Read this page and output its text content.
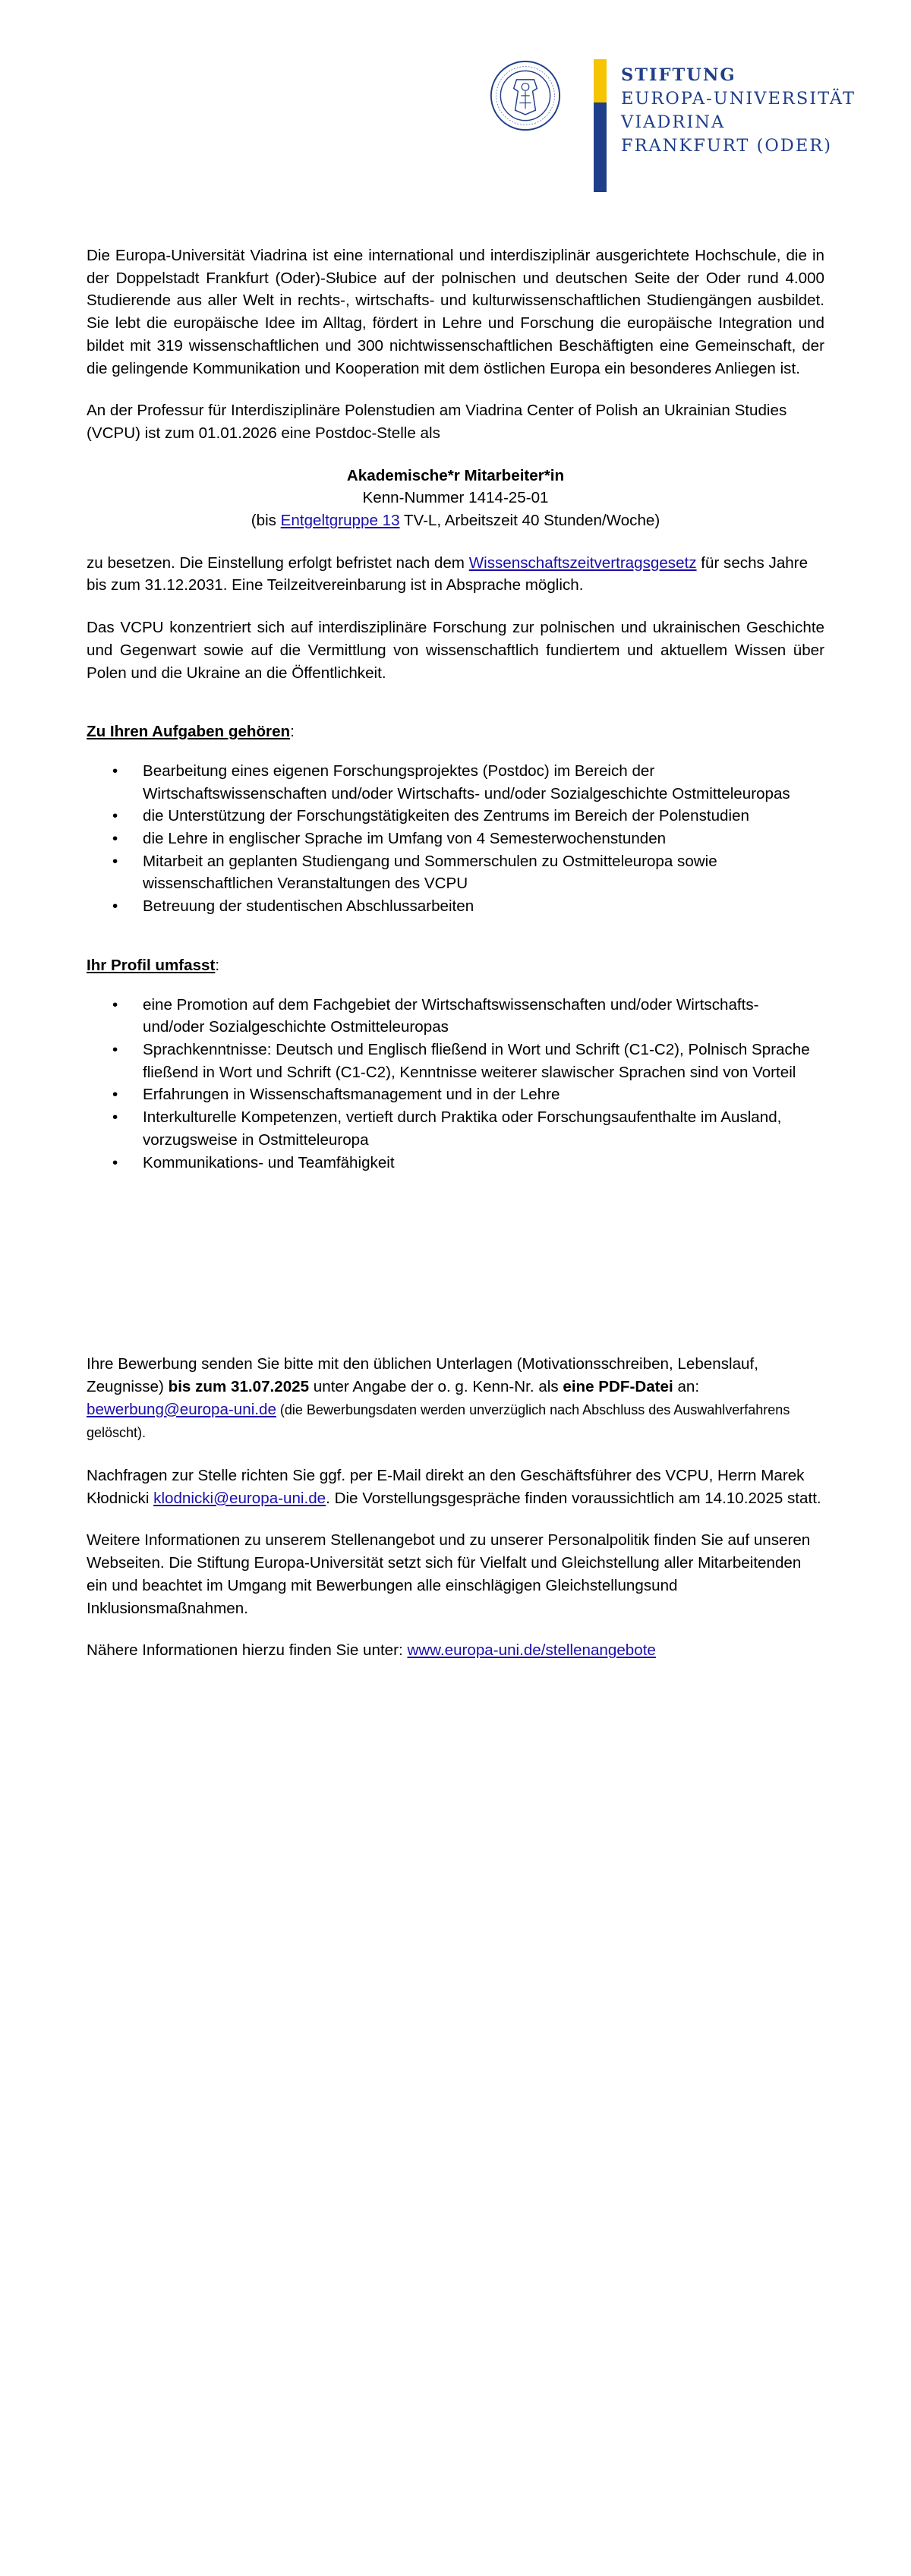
STIFTUNG
EUROPA-UNIVERSITÄT
VIADRINA
FRANKFURT (ODER)

Die Europa-Universität Viadrina ist eine international und interdisziplinär ausgerichtete Hochschule, die in der Doppelstadt Frankfurt (Oder)-Słubice auf der polnischen und deutschen Seite der Oder rund 4.000 Studierende aus aller Welt in rechts-, wirtschafts- und kulturwissenschaftlichen Studiengängen ausbildet. Sie lebt die europäische Idee im Alltag, fördert in Lehre und Forschung die europäische Integration und bildet mit 319 wissenschaftlichen und 300 nichtwissenschaftlichen Beschäftigten eine Gemeinschaft, der die gelingende Kommunikation und Kooperation mit dem östlichen Europa ein besonderes Anliegen ist.

An der Professur für Interdisziplinäre Polenstudien am Viadrina Center of Polish an Ukrainian Studies (VCPU) ist zum 01.01.2026 eine Postdoc-Stelle als

Akademische*r Mitarbeiter*in
Kenn-Nummer 1414-25-01
(bis Entgeltgruppe 13 TV-L, Arbeitszeit 40 Stunden/Woche)

zu besetzen. Die Einstellung erfolgt befristet nach dem Wissenschaftszeitvertragsgesetz für sechs Jahre bis zum 31.12.2031. Eine Teilzeitvereinbarung ist in Absprache möglich.

Das VCPU konzentriert sich auf interdisziplinäre Forschung zur polnischen und ukrainischen Geschichte und Gegenwart sowie auf die Vermittlung von wissenschaftlich fundiertem und aktuellem Wissen über Polen und die Ukraine an die Öffentlichkeit.

Zu Ihren Aufgaben gehören:
• Bearbeitung eines eigenen Forschungsprojektes (Postdoc) im Bereich der Wirtschaftswissenschaften und/oder Wirtschafts- und/oder Sozialgeschichte Ostmitteleuropas
• die Unterstützung der Forschungstätigkeiten des Zentrums im Bereich der Polenstudien
• die Lehre in englischer Sprache im Umfang von 4 Semesterwochenstunden
• Mitarbeit an geplanten Studiengang und Sommerschulen zu Ostmitteleuropa sowie wissenschaftlichen Veranstaltungen des VCPU
• Betreuung der studentischen Abschlussarbeiten
Ihr Profil umfasst:
• eine Promotion auf dem Fachgebiet der Wirtschaftswissenschaften und/oder Wirtschafts- und/oder Sozialgeschichte Ostmitteleuropas
• Sprachkenntnisse: Deutsch und Englisch fließend in Wort und Schrift (C1-C2), Polnisch Sprache fließend in Wort und Schrift (C1-C2), Kenntnisse weiterer slawischer Sprachen sind von Vorteil
• Erfahrungen in Wissenschaftsmanagement und in der Lehre
• Interkulturelle Kompetenzen, vertieft durch Praktika oder Forschungsaufenthalte im Ausland, vorzugsweise in Ostmitteleuropa
• Kommunikations- und Teamfähigkeit

Ihre Bewerbung senden Sie bitte mit den üblichen Unterlagen (Motivationsschreiben, Lebenslauf, Zeugnisse) bis zum 31.07.2025 unter Angabe der o. g. Kenn-Nr. als eine PDF-Datei an: bewerbung@europa-uni.de (die Bewerbungsdaten werden unverzüglich nach Abschluss des Auswahlverfahrens gelöscht).

Nachfragen zur Stelle richten Sie ggf. per E-Mail direkt an den Geschäftsführer des VCPU, Herrn Marek Kłodnicki klodnicki@europa-uni.de. Die Vorstellungsgespräche finden voraussichtlich am 14.10.2025 statt.

Weitere Informationen zu unserem Stellenangebot und zu unserer Personalpolitik finden Sie auf unseren Webseiten. Die Stiftung Europa-Universität setzt sich für Vielfalt und Gleichstellung aller Mitarbeitenden ein und beachtet im Umgang mit Bewerbungen alle einschlägigen Gleichstellungsund Inklusionsmaßnahmen.

Nähere Informationen hierzu finden Sie unter: www.europa-uni.de/stellenangebote
